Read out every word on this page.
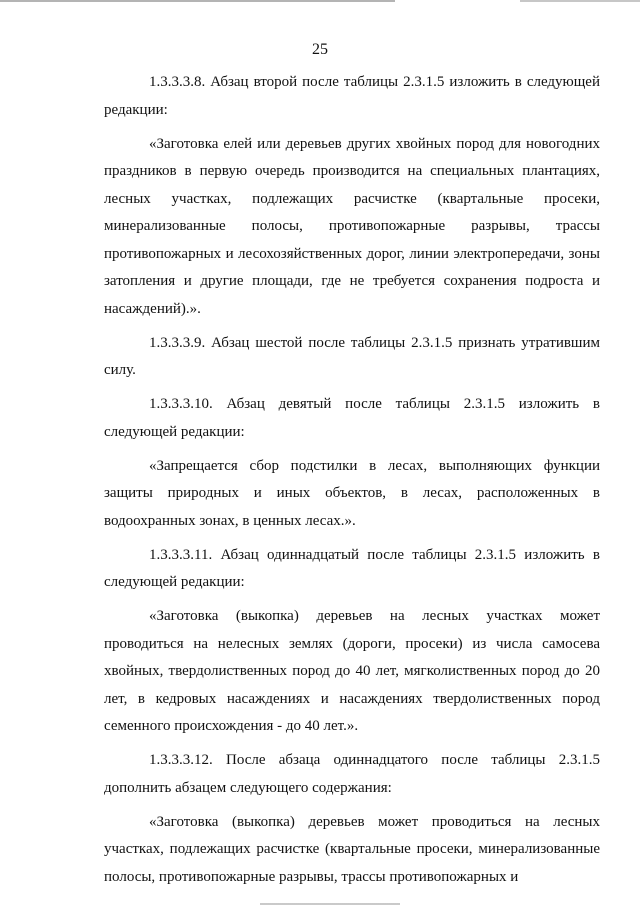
25

1.3.3.3.8. Абзац второй после таблицы 2.3.1.5 изложить в следующей редакции:

«Заготовка елей или деревьев других хвойных пород для новогодних праздников в первую очередь производится на специальных плантациях, лесных участках, подлежащих расчистке (квартальные просеки, минерализованные полосы, противопожарные разрывы, трассы противопожарных и лесохозяйственных дорог, линии электропередачи, зоны затопления и другие площади, где не требуется сохранения подроста и насаждений).».

1.3.3.3.9. Абзац шестой после таблицы 2.3.1.5 признать утратившим силу.

1.3.3.3.10. Абзац девятый после таблицы 2.3.1.5 изложить в следующей редакции:

«Запрещается сбор подстилки в лесах, выполняющих функции защиты природных и иных объектов, в лесах, расположенных в водоохранных зонах, в ценных лесах.».

1.3.3.3.11. Абзац одиннадцатый после таблицы 2.3.1.5 изложить в следующей редакции:

«Заготовка (выкопка) деревьев на лесных участках может проводиться на нелесных землях (дороги, просеки) из числа самосева хвойных, твердолиственных пород до 40 лет, мягколиственных пород до 20 лет, в кедровых насаждениях и насаждениях твердолиственных пород семенного происхождения - до 40 лет.».

1.3.3.3.12. После абзаца одиннадцатого после таблицы 2.3.1.5 дополнить абзацем следующего содержания:

«Заготовка (выкопка) деревьев может проводиться на лесных участках, подлежащих расчистке (квартальные просеки, минерализованные полосы, противопожарные разрывы, трассы противопожарных и
